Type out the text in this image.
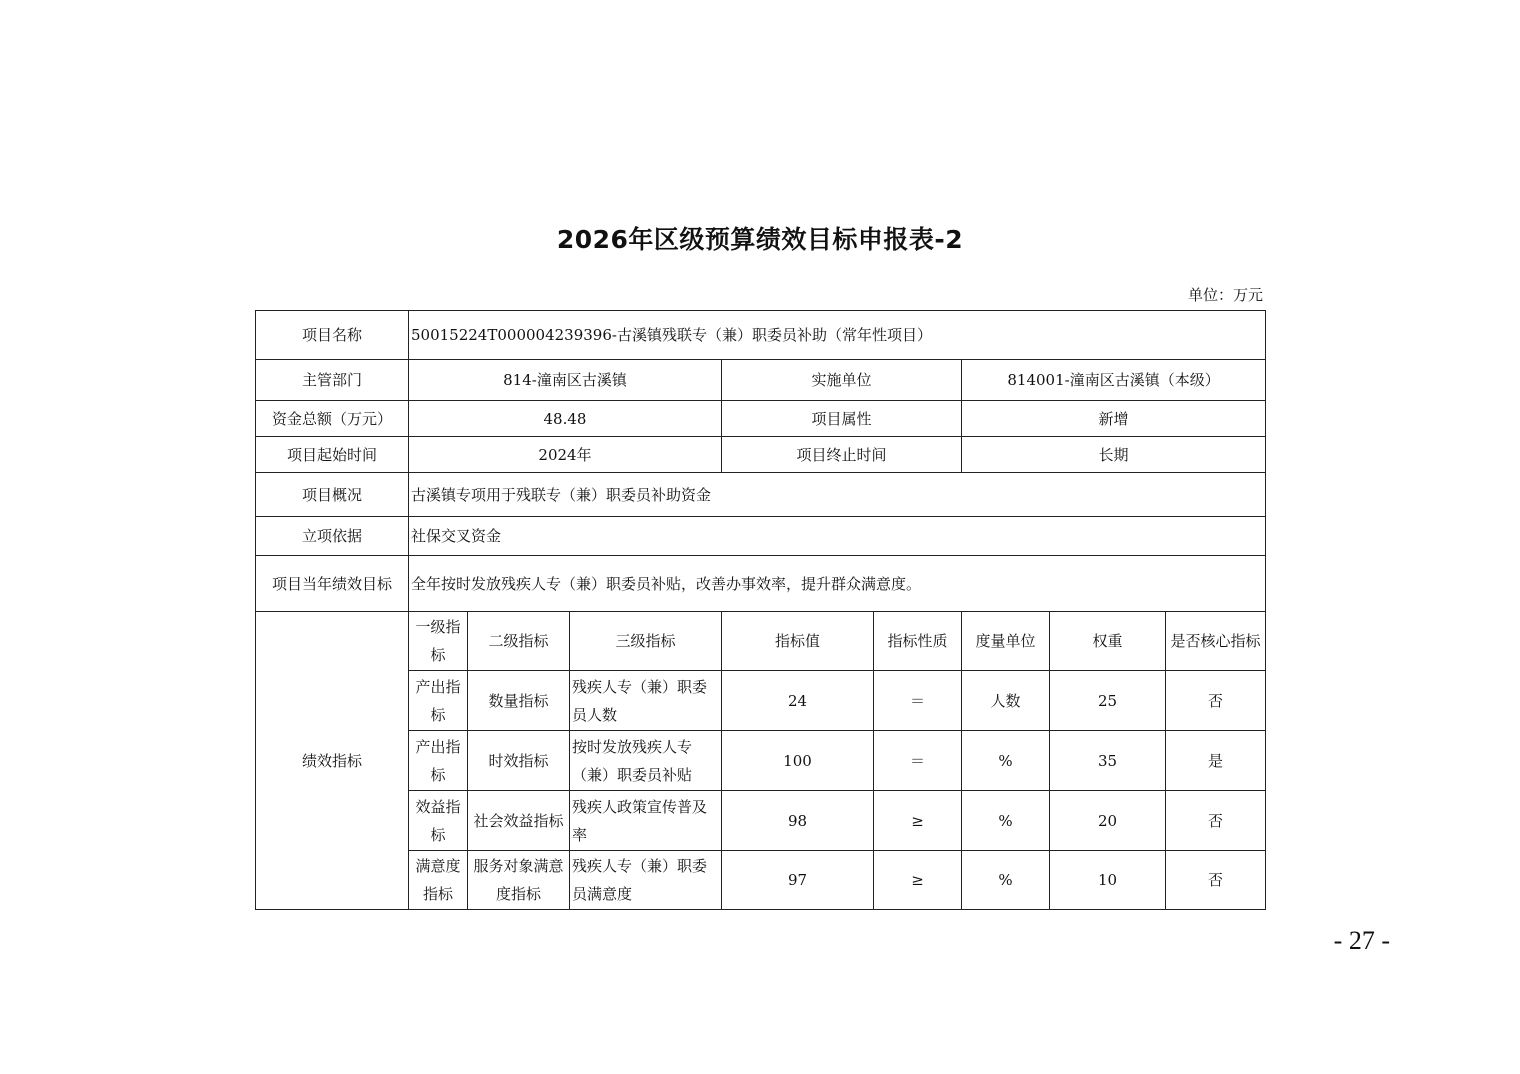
2026年区级预算绩效目标申报表-2
单位：万元
项目名称	50015224T000004239396-古溪镇残联专（兼）职委员补助（常年性项目）							
主管部门	814-潼南区古溪镇			实施单位		814001-潼南区古溪镇（本级）		
资金总额（万元）	48.48			项目属性		新增		
项目起始时间	2024年			项目终止时间		长期		
项目概况	古溪镇专项用于残联专（兼）职委员补助资金							
立项依据	社保交叉资金							
项目当年绩效目标	全年按时发放残疾人专（兼）职委员补贴，改善办事效率，提升群众满意度。							
绩效指标	一级指标	二级指标	三级指标	指标值	指标性质	度量单位	权重	是否核心指标
	产出指标	数量指标	残疾人专（兼）职委员人数	24	＝	人数	25	否
	产出指标	时效指标	按时发放残疾人专（兼）职委员补贴	100	＝	%	35	是
	效益指标	社会效益指标	残疾人政策宣传普及率	98	≥	%	20	否
	满意度指标	服务对象满意度指标	残疾人专（兼）职委员满意度	97	≥	%	10	否
- 27 -
